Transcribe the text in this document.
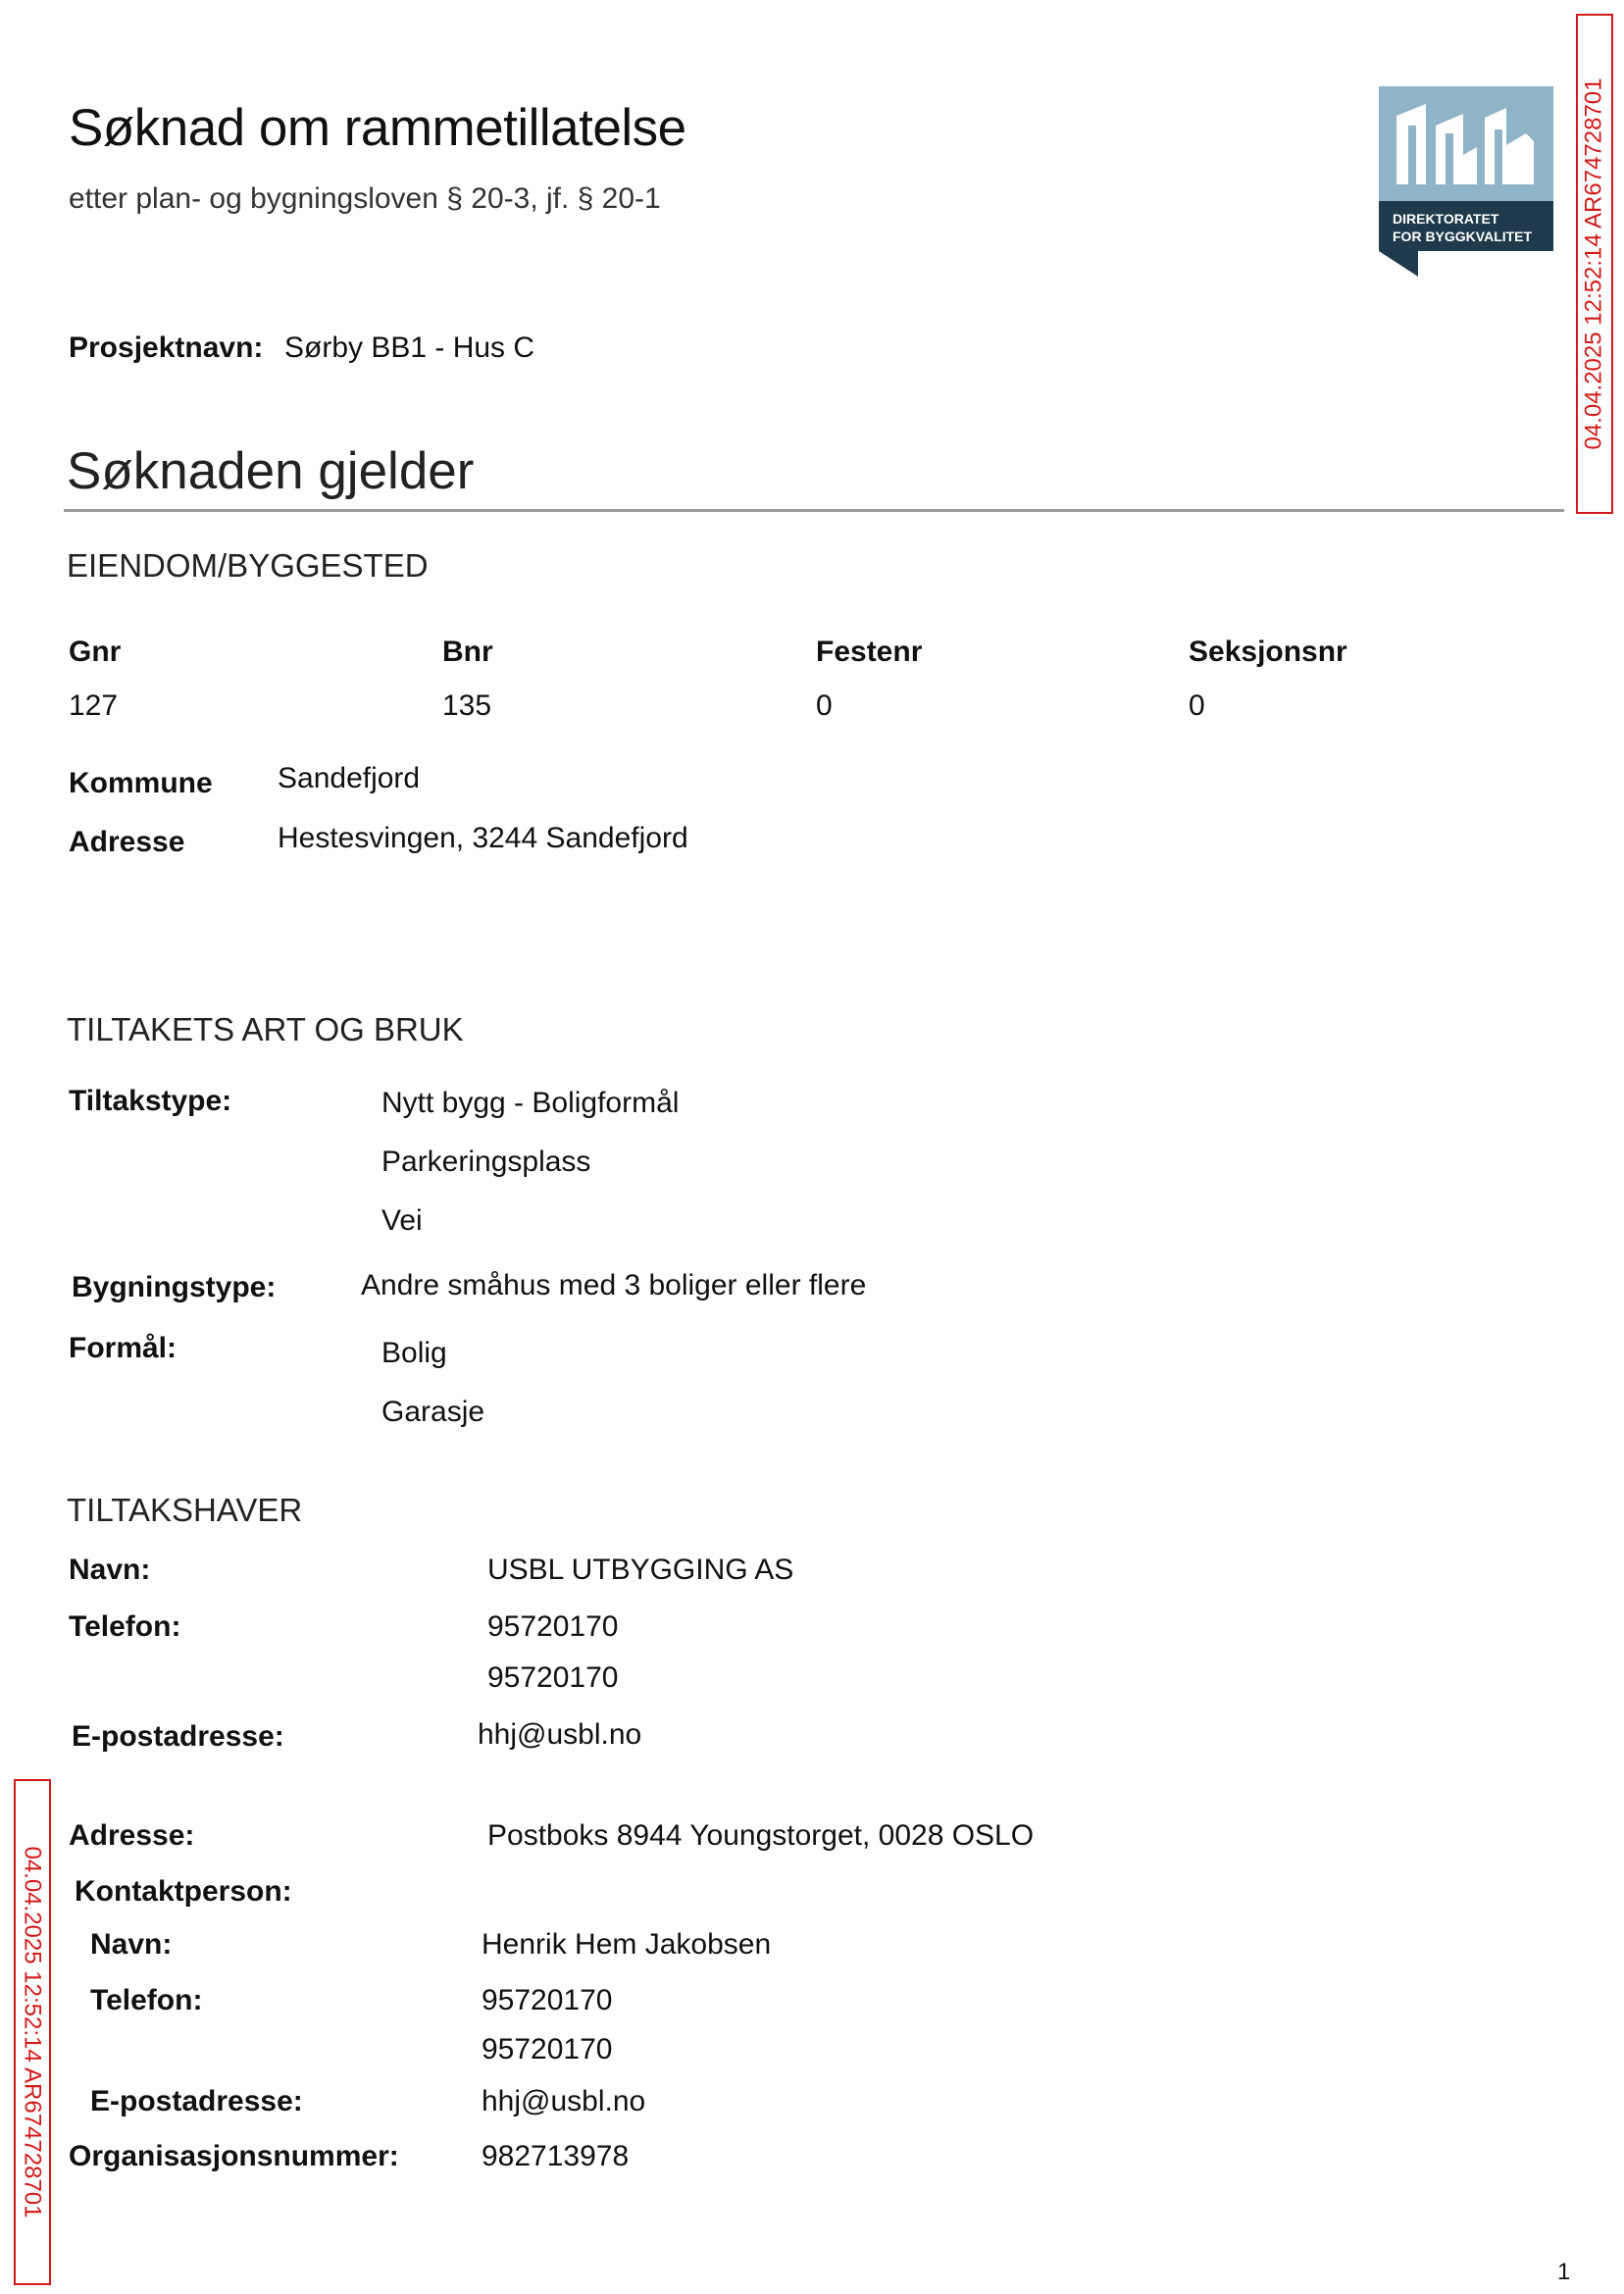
Søknad om rammetillatelse
etter plan- og bygningsloven § 20-3, jf. § 20-1
DIREKTORATET
FOR BYGGKVALITET 04.04.2025 12:52:14 AR674728701
04.04.2025 12:52:14 AR674728701
Prosjektnavn: Sørby BB1 - Hus C
Søknaden gjelder
EIENDOM/BYGGESTED
Gnr	Bnr	Festenr	Seksjonsnr
127	135	0	0
Kommune Sandefjord
Adresse	Hestesvingen, 3244 Sandefjord
TILTAKETS ART OG BRUK
Tiltakstype:	Nytt bygg - Boligformål
Parkeringsplass
Vei
Bygningstype:	Andre småhus med 3 boliger eller flere
Formål:	Bolig
Garasje
TILTAKSHAVER
Navn:	USBL UTBYGGING AS
Telefon:	95720170
95720170
E-postadresse:	hhj@usbl.no
Adresse:	Postboks 8944 Youngstorget, 0028 OSLO
Kontaktperson:
Navn:	Henrik Hem Jakobsen
Telefon:	95720170
95720170
E-postadresse:	hhj@usbl.no
Organisasjonsnummer:	982713978
1
